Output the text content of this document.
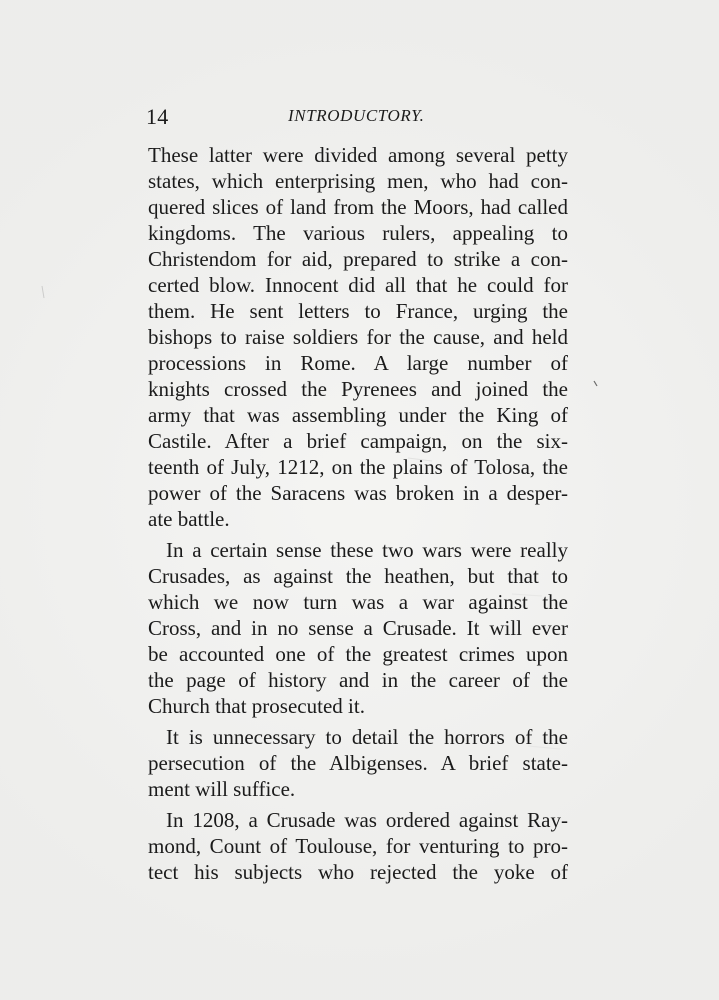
14	INTRODUCTORY.
These latter were divided among several petty
states, which enterprising men, who had con-
quered slices of land from the Moors, had called
kingdoms. The various rulers, appealing to
Christendom for aid, prepared to strike a con-
certed blow. Innocent did all that he could for
them. He sent letters to France, urging the
bishops to raise soldiers for the cause, and held
processions in Rome. A large number of
knights crossed the Pyrenees and joined the
army that was assembling under the King of
Castile. After a brief campaign, on the six-
teenth of July, 1212, on the plains of Tolosa, the
power of the Saracens was broken in a desper-
ate battle.
In a certain sense these two wars were really
Crusades, as against the heathen, but that to
which we now turn was a war against the
Cross, and in no sense a Crusade. It will ever
be accounted one of the greatest crimes upon
the page of history and in the career of the
Church that prosecuted it.
It is unnecessary to detail the horrors of the
persecution of the Albigenses. A brief state-
ment will suffice.
In 1208, a Crusade was ordered against Ray-
mond, Count of Toulouse, for venturing to pro-
tect his subjects who rejected the yoke of
